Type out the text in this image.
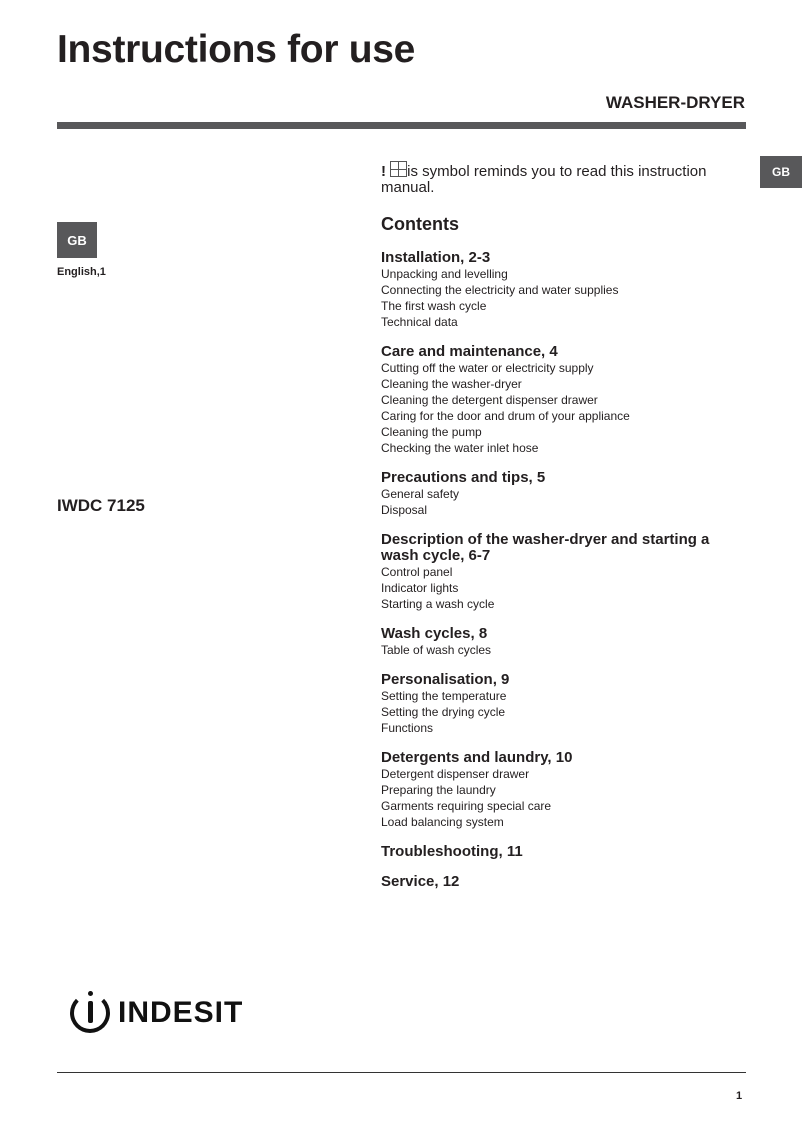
Instructions for use
WASHER-DRYER
GB
GB
English,1
IWDC 7125
! is symbol reminds you to read this instruction manual.
Contents
Installation, 2-3
Unpacking and levelling
Connecting the electricity and water supplies
The first wash cycle
Technical data
Care and maintenance, 4
Cutting off the water or electricity supply
Cleaning the washer-dryer
Cleaning the detergent dispenser drawer
Caring for the door and drum of your appliance
Cleaning the pump
Checking the water inlet hose
Precautions and tips, 5
General safety
Disposal
Description of the washer-dryer and starting a wash cycle, 6-7
Control panel
Indicator lights
Starting a wash cycle
Wash cycles, 8
Table of wash cycles
Personalisation, 9
Setting the temperature
Setting the drying cycle
Functions
Detergents and laundry, 10
Detergent dispenser drawer
Preparing the laundry
Garments requiring special care
Load balancing system
Troubleshooting, 11
Service, 12
INDESIT
1
